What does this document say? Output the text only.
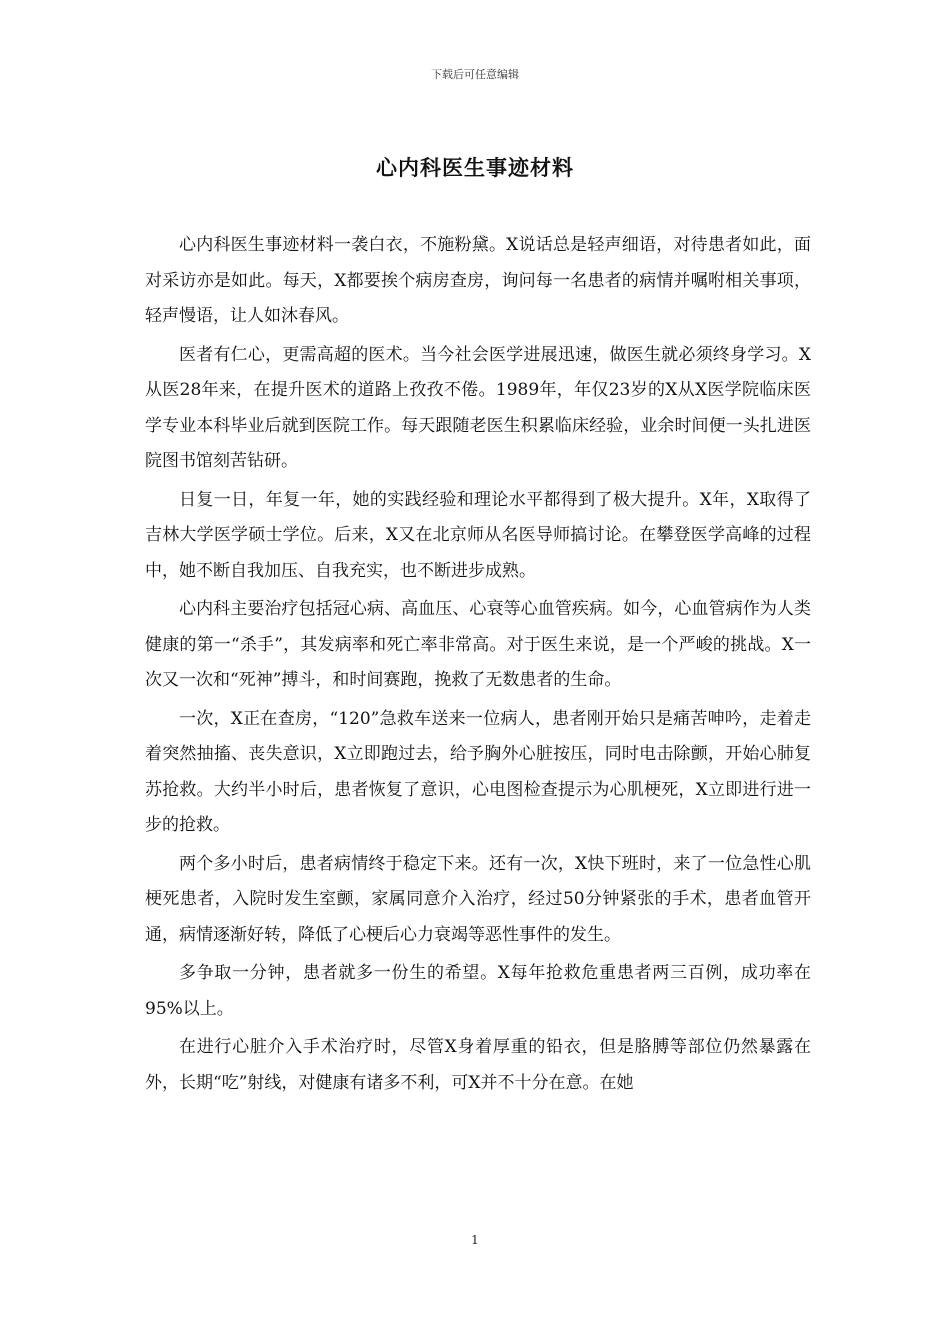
下载后可任意编辑
心内科医生事迹材料

心内科医生事迹材料一袭白衣，不施粉黛。X说话总是轻声细语，对待患者如此，面对采访亦是如此。每天，X都要挨个病房查房，询问每一名患者的病情并嘱咐相关事项，轻声慢语，让人如沐春风。

医者有仁心，更需高超的医术。当今社会医学进展迅速，做医生就必须终身学习。X从医28年来，在提升医术的道路上孜孜不倦。1989年，年仅23岁的X从X医学院临床医学专业本科毕业后就到医院工作。每天跟随老医生积累临床经验，业余时间便一头扎进医院图书馆刻苦钻研。

日复一日，年复一年，她的实践经验和理论水平都得到了极大提升。X年，X取得了吉林大学医学硕士学位。后来，X又在北京师从名医导师搞讨论。在攀登医学高峰的过程中，她不断自我加压、自我充实，也不断进步成熟。

心内科主要治疗包括冠心病、高血压、心衰等心血管疾病。如今，心血管病作为人类健康的第一“杀手”，其发病率和死亡率非常高。对于医生来说，是一个严峻的挑战。X一次又一次和“死神”搏斗，和时间赛跑，挽救了无数患者的生命。

一次，X正在查房，“120”急救车送来一位病人，患者刚开始只是痛苦呻吟，走着走着突然抽搐、丧失意识，X立即跑过去，给予胸外心脏按压，同时电击除颤，开始心肺复苏抢救。大约半小时后，患者恢复了意识，心电图检查提示为心肌梗死，X立即进行进一步的抢救。

两个多小时后，患者病情终于稳定下来。还有一次，X快下班时，来了一位急性心肌梗死患者，入院时发生室颤，家属同意介入治疗，经过50分钟紧张的手术，患者血管开通，病情逐渐好转，降低了心梗后心力衰竭等恶性事件的发生。

多争取一分钟，患者就多一份生的希望。X每年抢救危重患者两三百例，成功率在95%以上。

在进行心脏介入手术治疗时，尽管X身着厚重的铅衣，但是胳膊等部位仍然暴露在外，长期“吃”射线，对健康有诸多不利，可X并不十分在意。在她

1
